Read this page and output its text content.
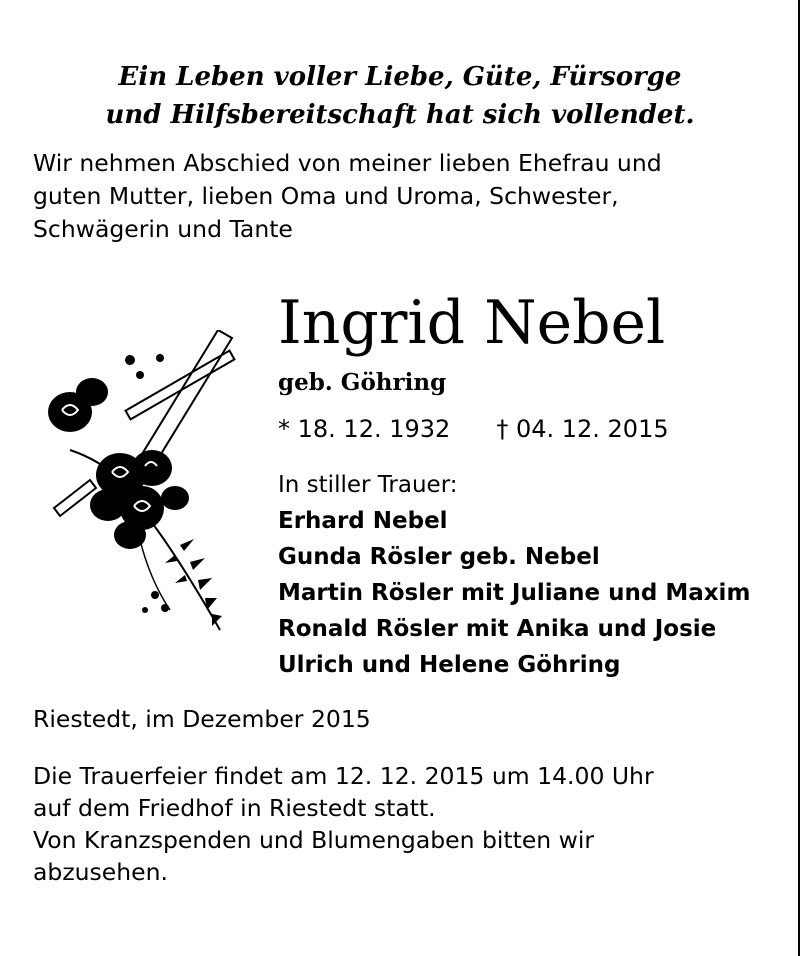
Ein Leben voller Liebe, Güte, Fürsorge
und Hilfsbereitschaft hat sich vollendet.
Wir nehmen Abschied von meiner lieben Ehefrau und
guten Mutter, lieben Oma und Uroma, Schwester,
Schwägerin und Tante
Ingrid Nebel
geb. Göhring
* 18. 12. 1932 † 04. 12. 2015
In stiller Trauer:
Erhard Nebel
Gunda Rösler geb. Nebel
Martin Rösler mit Juliane und Maxim
Ronald Rösler mit Anika und Josie
Ulrich und Helene Göhring
Riestedt, im Dezember 2015
Die Trauerfeier findet am 12. 12. 2015 um 14.00 Uhr
auf dem Friedhof in Riestedt statt.
Von Kranzspenden und Blumengaben bitten wir
abzusehen.
